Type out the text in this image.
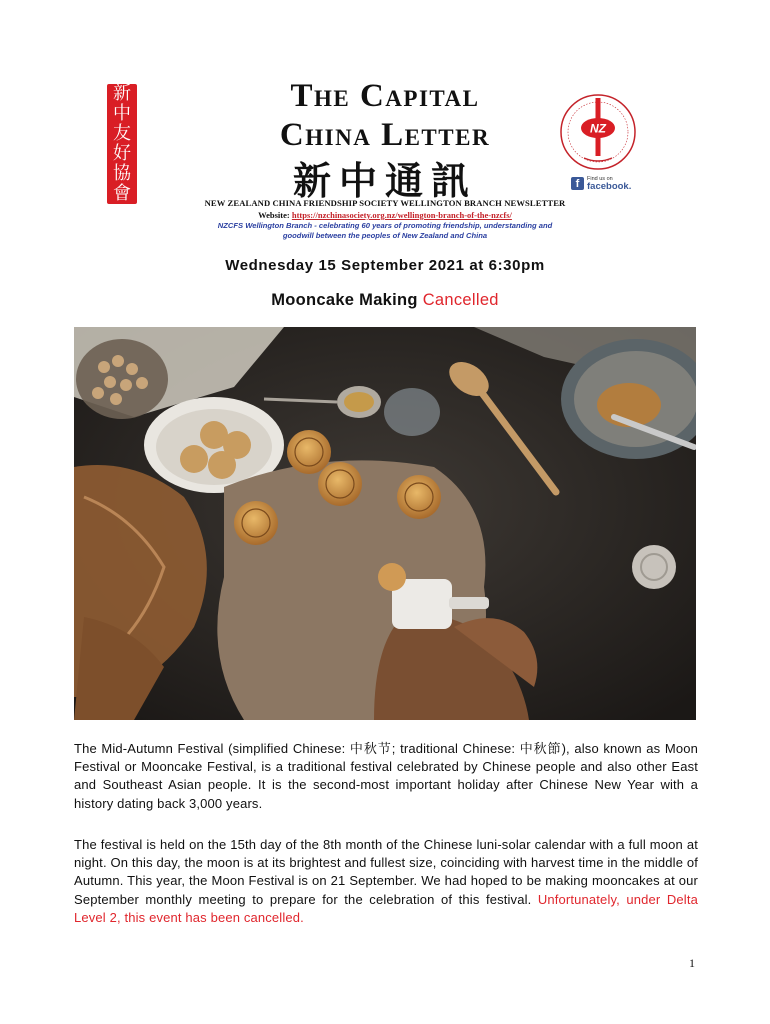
新
中
友
好
協
會
The Capital
China Letter
新中通訊
NEW ZEALAND CHINA FRIENDSHIP SOCIETY WELLINGTON BRANCH NEWSLETTER
Website: https://nzchinasociety.org.nz/wellington-branch-of-the-nzcfs/
NZCFS Wellington Branch - celebrating 60 years of promoting friendship, understanding and
goodwill between the peoples of New Zealand and China
NZ
f	Find us on
facebook.
Wednesday 15 September 2021 at 6:30pm
Mooncake Making Cancelled
The Mid-Autumn Festival (simplified Chinese: 中秋节; traditional Chinese: 中秋節), also known as Moon Festival or Mooncake Festival, is a traditional festival celebrated by Chinese people and also other East and Southeast Asian people. It is the second-most important holiday after Chinese New Year with a history dating back 3,000 years.
The festival is held on the 15th day of the 8th month of the Chinese luni-solar calendar with a full moon at night. On this day, the moon is at its brightest and fullest size, coinciding with harvest time in the middle of Autumn. This year, the Moon Festival is on 21 September. We had hoped to be making mooncakes at our September monthly meeting to prepare for the celebration of this festival. Unfortunately, under Delta Level 2, this event has been cancelled.
1
